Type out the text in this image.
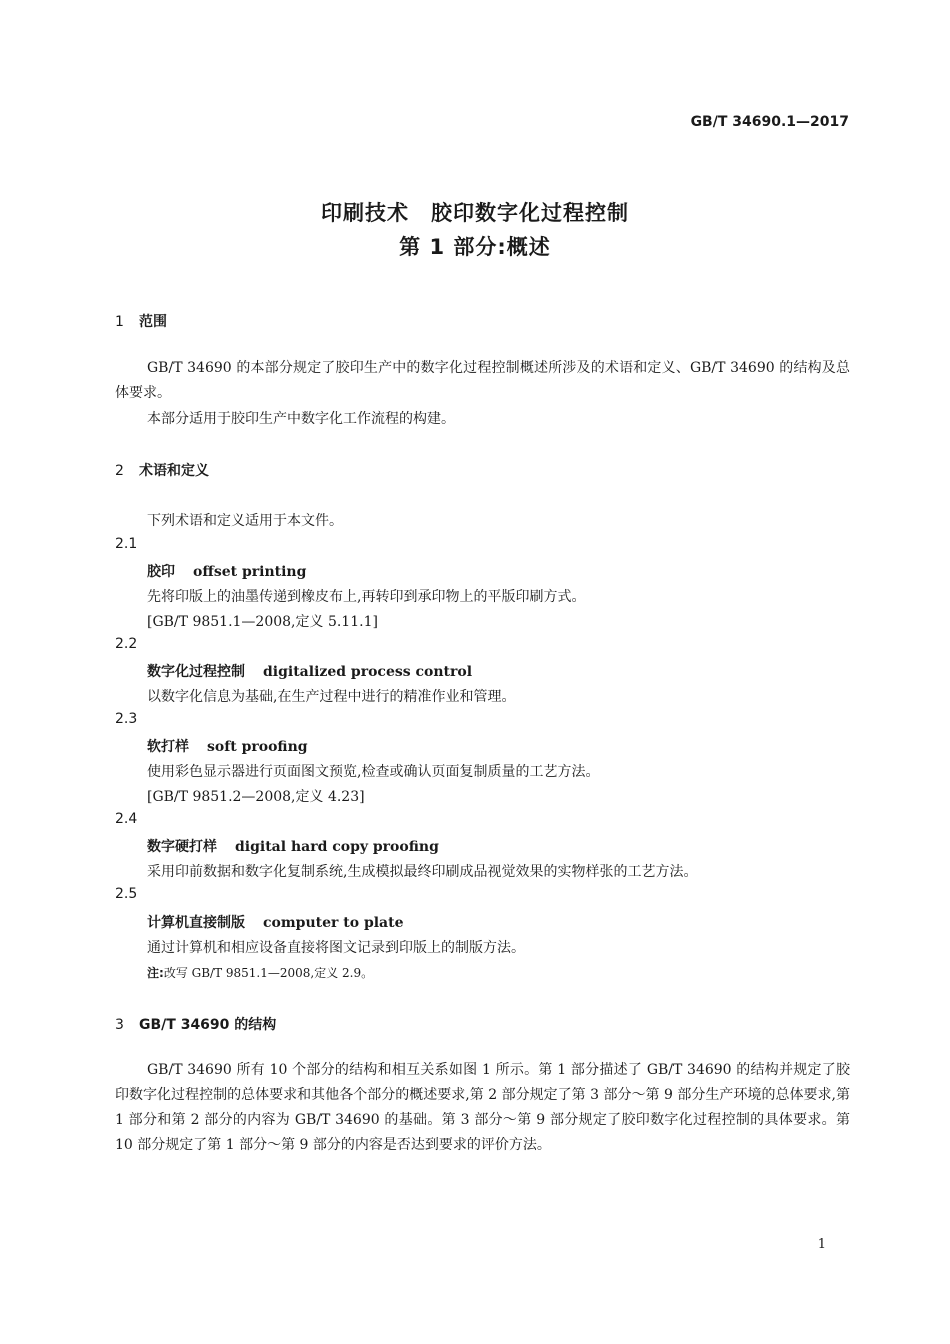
GB/T 34690.1—2017
印刷技术　胶印数字化过程控制
第 1 部分:概述
1 范围
GB/T 34690 的本部分规定了胶印生产中的数字化过程控制概述所涉及的术语和定义、GB/T 34690 的结构及总体要求。
本部分适用于胶印生产中数字化工作流程的构建。
2 术语和定义
下列术语和定义适用于本文件。
2.1
胶印 offset printing
先将印版上的油墨传递到橡皮布上,再转印到承印物上的平版印刷方式。
[GB/T 9851.1—2008,定义 5.11.1]
2.2
数字化过程控制 digitalized process control
以数字化信息为基础,在生产过程中进行的精准作业和管理。
2.3
软打样 soft proofing
使用彩色显示器进行页面图文预览,检查或确认页面复制质量的工艺方法。
[GB/T 9851.2—2008,定义 4.23]
2.4
数字硬打样 digital hard copy proofing
采用印前数据和数字化复制系统,生成模拟最终印刷成品视觉效果的实物样张的工艺方法。
2.5
计算机直接制版 computer to plate
通过计算机和相应设备直接将图文记录到印版上的制版方法。
注:改写 GB/T 9851.1—2008,定义 2.9。
3 GB/T 34690 的结构
GB/T 34690 所有 10 个部分的结构和相互关系如图 1 所示。第 1 部分描述了 GB/T 34690 的结构并规定了胶印数字化过程控制的总体要求和其他各个部分的概述要求,第 2 部分规定了第 3 部分～第 9 部分生产环境的总体要求,第 1 部分和第 2 部分的内容为 GB/T 34690 的基础。第 3 部分～第 9 部分规定了胶印数字化过程控制的具体要求。第 10 部分规定了第 1 部分～第 9 部分的内容是否达到要求的评价方法。
1
